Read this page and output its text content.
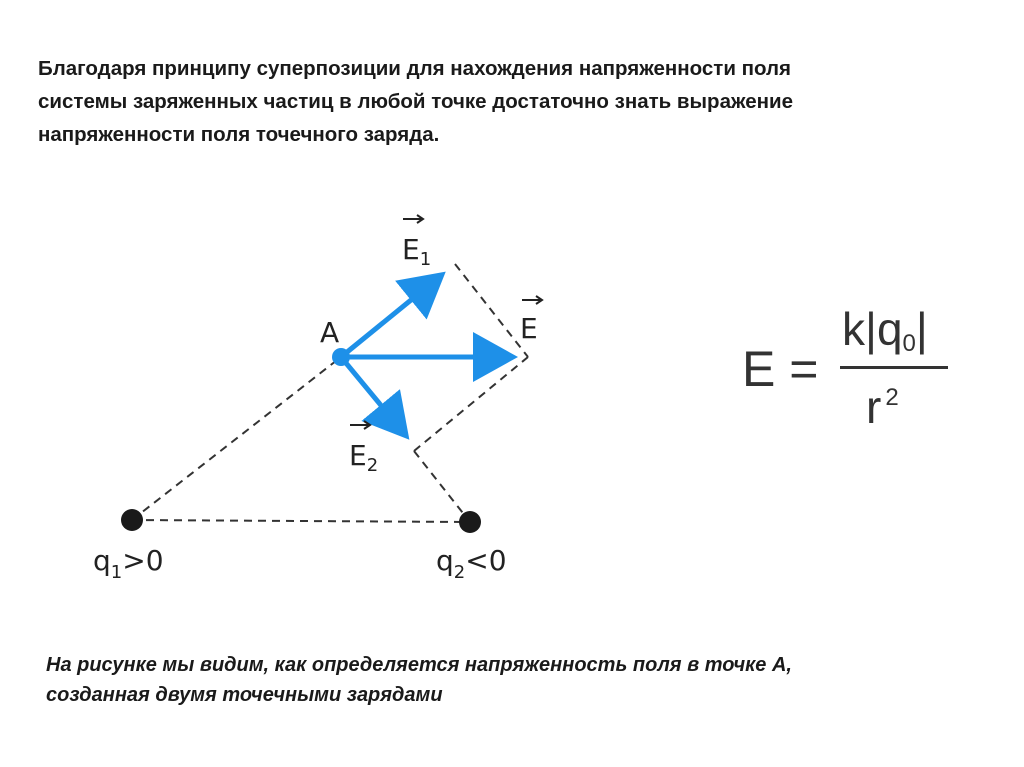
Благодаря принципу суперпозиции для нахождения напряженности поля
системы заряженных частиц в любой точке достаточно знать выражение
напряженности поля точечного заряда.
A
$E_1$
E
$E_2$
$q_1>0$	$q_2<0$
E =
$k|q_0|$
r $^2$
На рисунке мы видим, как определяется напряженность поля в точке А,
созданная двумя точечными зарядами
